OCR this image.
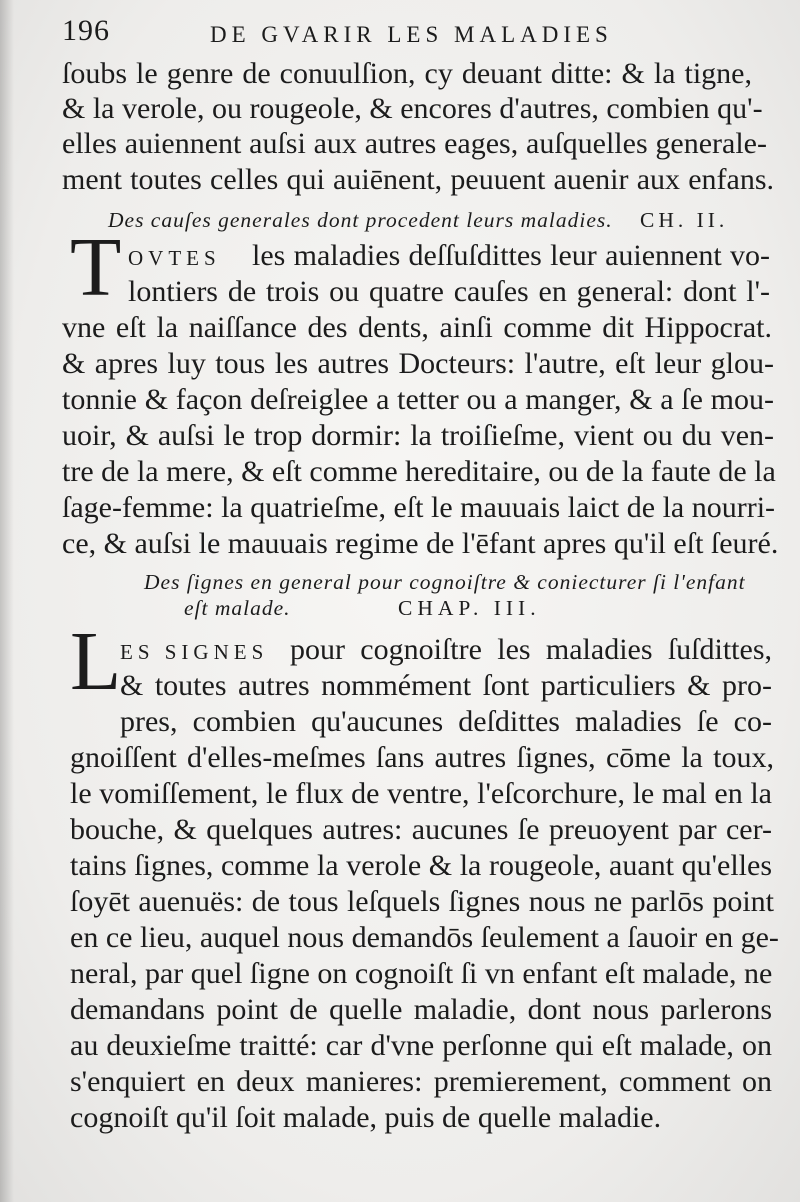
196	DE GVARIR LES MALADIES
ſoubs le genre de conuulſion, cy deuant ditte: & la tigne,
& la verole, ou rougeole, & encores d'autres, combien qu'-
elles auiennent auſsi aux autres eages, auſquelles generale-
ment toutes celles qui auiēnent, peuuent auenir aux enfans.
Des cauſes generales dont procedent leurs maladies. CH. II.
T OVTES les maladies deſſuſdittes leur auiennent vo-
lontiers de trois ou quatre cauſes en general: dont l'-
vne eſt la naiſſance des dents, ainſi comme dit Hippocrat.
& apres luy tous les autres Docteurs: l'autre, eſt leur glou-
tonnie & façon deſreiglee a tetter ou a manger, & a ſe mou-
uoir, & auſsi le trop dormir: la troiſieſme, vient ou du ven-
tre de la mere, & eſt comme hereditaire, ou de la faute de la
ſage-femme: la quatrieſme, eſt le mauuais laict de la nourri-
ce, & auſsi le mauuais regime de l'ēfant apres qu'il eſt ſeuré.
Des ſignes en general pour cognoiſtre & coniecturer ſi l'enfant
eſt malade.	CHAP. III.
L
ES SIGNES pour cognoiſtre les maladies ſuſdittes,
& toutes autres nommément ſont particuliers & pro-
pres, combien qu'aucunes deſdittes maladies ſe co-
gnoiſſent d'elles-meſmes ſans autres ſignes, cōme la toux,
le vomiſſement, le flux de ventre, l'eſcorchure, le mal en la
bouche, & quelques autres: aucunes ſe preuoyent par cer-
tains ſignes, comme la verole & la rougeole, auant qu'elles
ſoyēt auenuës: de tous leſquels ſignes nous ne parlōs point
en ce lieu, auquel nous demandōs ſeulement a ſauoir en ge-
neral, par quel ſigne on cognoiſt ſi vn enfant eſt malade, ne
demandans point de quelle maladie, dont nous parlerons
au deuxieſme traitté: car d'vne perſonne qui eſt malade, on
s'enquiert en deux manieres: premierement, comment on
cognoiſt qu'il ſoit malade, puis de quelle maladie.
